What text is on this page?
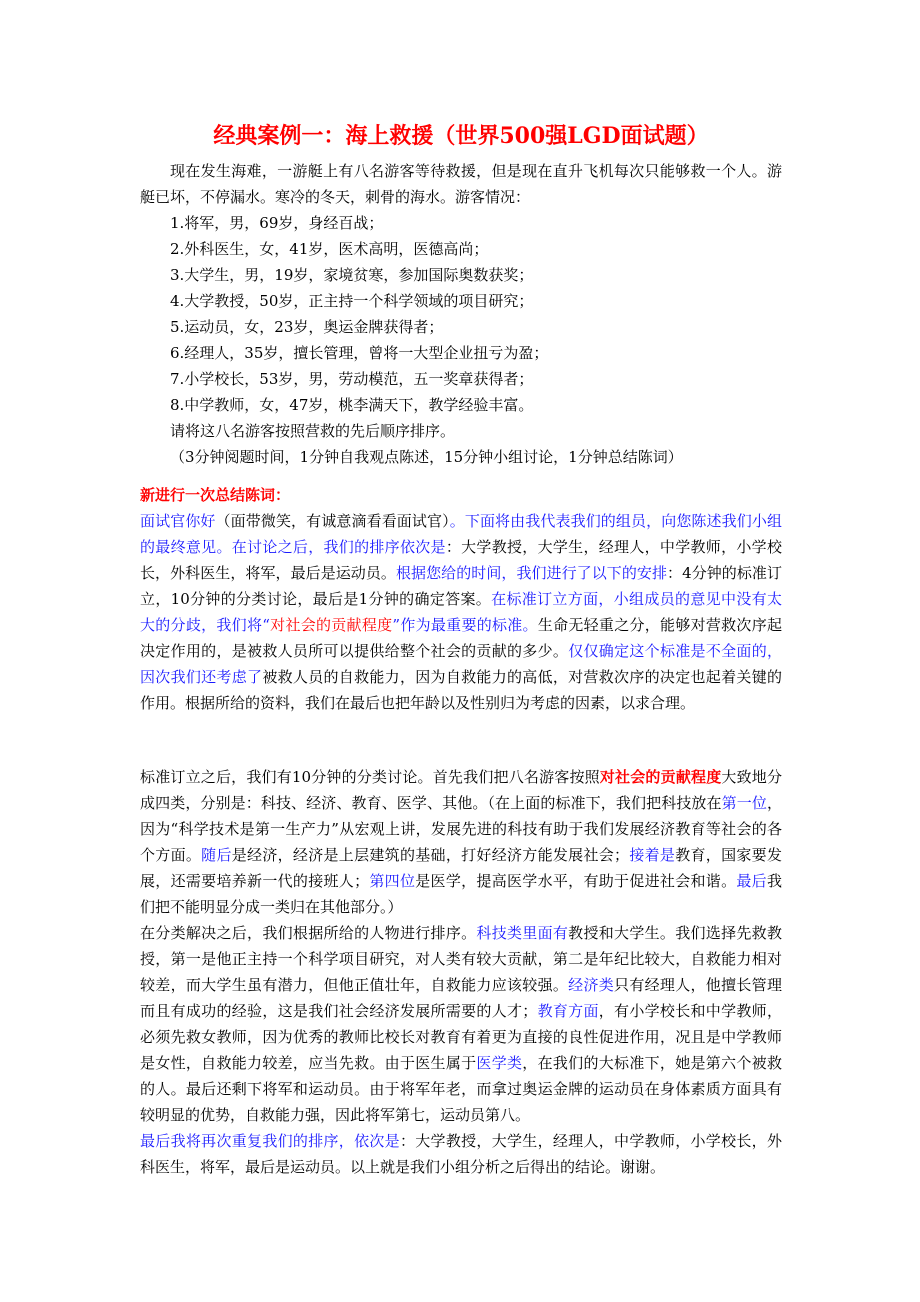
经典案例一：海上救援（世界500强LGD面试题）

现在发生海难，一游艇上有八名游客等待救援，但是现在直升飞机每次只能够救一个人。游艇已坏，不停漏水。寒冷的冬天，刺骨的海水。游客情况：

1.将军，男，69岁，身经百战；

2.外科医生，女，41岁，医术高明，医德高尚；

3.大学生，男，19岁，家境贫寒，参加国际奥数获奖；

4.大学教授，50岁，正主持一个科学领域的项目研究；

5.运动员，女，23岁，奥运金牌获得者；

6.经理人，35岁，擅长管理，曾将一大型企业扭亏为盈；

7.小学校长，53岁，男，劳动模范，五一奖章获得者；

8.中学教师，女，47岁，桃李满天下，教学经验丰富。

请将这八名游客按照营救的先后顺序排序。

（3分钟阅题时间，1分钟自我观点陈述，15分钟小组讨论，1分钟总结陈词）

新进行一次总结陈词：

面试官你好（面带微笑，有诚意滴看看面试官）。下面将由我代表我们的组员，向您陈述我们小组的最终意见。在讨论之后，我们的排序依次是：大学教授，大学生，经理人，中学教师，小学校长，外科医生，将军，最后是运动员。根据您给的时间，我们进行了以下的安排：4分钟的标准订立，10分钟的分类讨论，最后是1分钟的确定答案。在标准订立方面，小组成员的意见中没有太大的分歧，我们将“对社会的贡献程度”作为最重要的标准。生命无轻重之分，能够对营救次序起决定作用的，是被救人员所可以提供给整个社会的贡献的多少。仅仅确定这个标准是不全面的，因次我们还考虑了被救人员的自救能力，因为自救能力的高低，对营救次序的决定也起着关键的作用。根据所给的资料，我们在最后也把年龄以及性别归为考虑的因素，以求合理。

标准订立之后，我们有10分钟的分类讨论。首先我们把八名游客按照对社会的贡献程度大致地分成四类，分别是：科技、经济、教育、医学、其他。（在上面的标准下，我们把科技放在第一位，因为“科学技术是第一生产力”从宏观上讲，发展先进的科技有助于我们发展经济教育等社会的各个方面。随后是经济，经济是上层建筑的基础，打好经济方能发展社会；接着是教育，国家要发展，还需要培养新一代的接班人；第四位是医学，提高医学水平，有助于促进社会和谐。最后我们把不能明显分成一类归在其他部分。）

在分类解决之后，我们根据所给的人物进行排序。科技类里面有教授和大学生。我们选择先救教授，第一是他正主持一个科学项目研究，对人类有较大贡献，第二是年纪比较大，自救能力相对较差，而大学生虽有潜力，但他正值壮年，自救能力应该较强。经济类只有经理人，他擅长管理而且有成功的经验，这是我们社会经济发展所需要的人才；教育方面，有小学校长和中学教师，必须先救女教师，因为优秀的教师比校长对教育有着更为直接的良性促进作用，况且是中学教师是女性，自救能力较差，应当先救。由于医生属于医学类，在我们的大标准下，她是第六个被救的人。最后还剩下将军和运动员。由于将军年老，而拿过奥运金牌的运动员在身体素质方面具有较明显的优势，自救能力强，因此将军第七，运动员第八。

最后我将再次重复我们的排序，依次是：大学教授，大学生，经理人，中学教师，小学校长，外科医生，将军，最后是运动员。以上就是我们小组分析之后得出的结论。谢谢。
